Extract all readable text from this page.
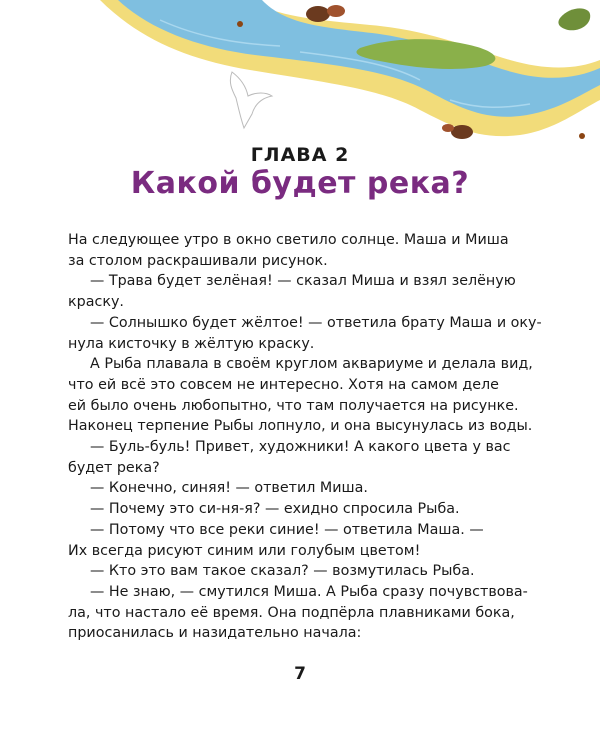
ГЛАВА 2
Какой будет река?
На следующее утро в окно светило солнце. Маша и Миша
за столом раскрашивали рисунок.
— Трава будет зелёная! — сказал Миша и взял зелёную
краску.
— Солнышко будет жёлтое! — ответила брату Маша и оку-
нула кисточку в жёлтую краску.
А Рыба плавала в своём круглом аквариуме и делала вид,
что ей всё это совсем не интересно. Хотя на самом деле
ей было очень любопытно, что там получается на рисунке.
Наконец терпение Рыбы лопнуло, и она высунулась из воды.
— Буль-буль! Привет, художники! А какого цвета у вас
будет река?
— Конечно, синяя! — ответил Миша.
— Почему это си-ня-я? — ехидно спросила Рыба.
— Потому что все реки синие! — ответила Маша. —
Их всегда рисуют синим или голубым цветом!
— Кто это вам такое сказал? — возмутилась Рыба.
— Не знаю, — смутился Миша. А Рыба сразу почувствова-
ла, что настало её время. Она подпёрла плавниками бока,
приосанилась и назидательно начала:
7
